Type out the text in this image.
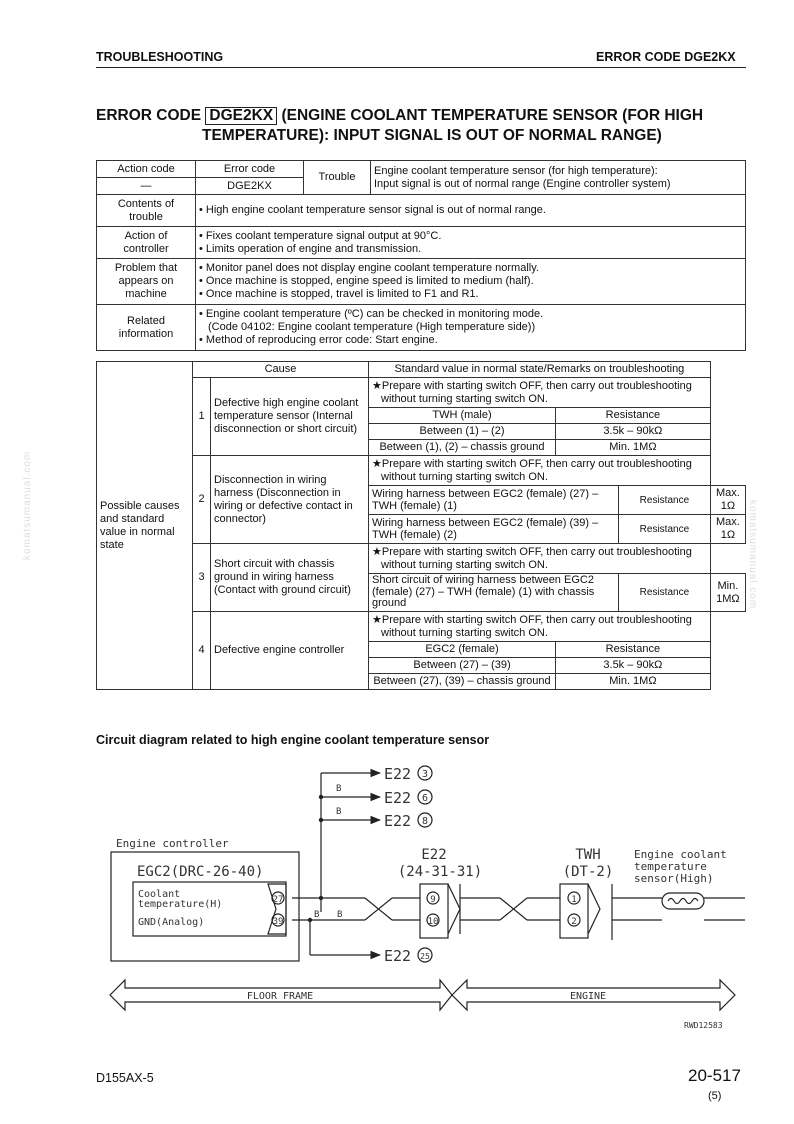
TROUBLESHOOTING	ERROR CODE DGE2KX
ERROR CODE DGE2KX (ENGINE COOLANT TEMPERATURE SENSOR (FOR HIGH
TEMPERATURE): INPUT SIGNAL IS OUT OF NORMAL RANGE)
Action code	Error code	Trouble	Engine coolant temperature sensor (for high temperature):
Input signal is out of normal range (Engine controller system)

—	DGE2KX		

Contents of
trouble	• High engine coolant temperature sensor signal is out of normal range.		

Action of
controller	• Fixes coolant temperature signal output at 90°C.
• Limits operation of engine and transmission.		

Problem that
appears on
machine	• Monitor panel does not display engine coolant temperature normally.
• Once machine is stopped, engine speed is limited to medium (half).
• Once machine is stopped, travel is limited to F1 and R1.		

Related
information	• Engine coolant temperature (ºC) can be checked in monitoring mode.
(Code 04102: Engine coolant temperature (High temperature side))
• Method of reproducing error code: Start engine.		
Possible causes and standard value in normal state	Cause		Standard value in normal state/Remarks on troubleshooting			
	1	Defective high engine coolant temperature sensor (Internal disconnection or short circuit)	★Prepare with starting switch OFF, then carry out troubleshooting without turning starting switch ON.			

			TWH (male)	Resistance		
			Between (1) – (2)	3.5k – 90kΩ		
			Between (1), (2) – chassis ground	Min. 1MΩ		
	2	Disconnection in wiring harness (Disconnection in wiring or defective contact in connector)	★Prepare with starting switch OFF, then carry out troubleshooting without turning starting switch ON.			

			Wiring harness between EGC2 (female) (27) – TWH (female) (1)		Resistance	Max. 1Ω
			Wiring harness between EGC2 (female) (39) – TWH (female) (2)		Resistance	Max. 1Ω
	3	Short circuit with chassis ground in wiring harness (Contact with ground circuit)	★Prepare with starting switch OFF, then carry out troubleshooting without turning starting switch ON.			

			Short circuit of wiring harness between EGC2 (female) (27) – TWH (female) (1) with chassis ground		Resistance	Min. 1MΩ
	4	Defective engine controller	★Prepare with starting switch OFF, then carry out troubleshooting without turning starting switch ON.			

			EGC2 (female)	Resistance		
			Between (27) – (39)	3.5k – 90kΩ		
			Between (27), (39) – chassis ground	Min. 1MΩ		
komatsumanual.com	komatsumanual.com
Circuit diagram related to high engine coolant temperature sensor
Engine controller
EGC2(DRC-26-40)
Coolant
temperature(H)
GND(Analog)
27
39
E22
(24-31-31)
9
10
TWH
(DT-2)
1
2
Engine coolant
temperature
sensor(High)
B
B
B B
E22
E22
E22
E22
3
6
8
25
FLOOR FRAME	ENGINE
RWD12583
D155AX-5	20-517
(5)
